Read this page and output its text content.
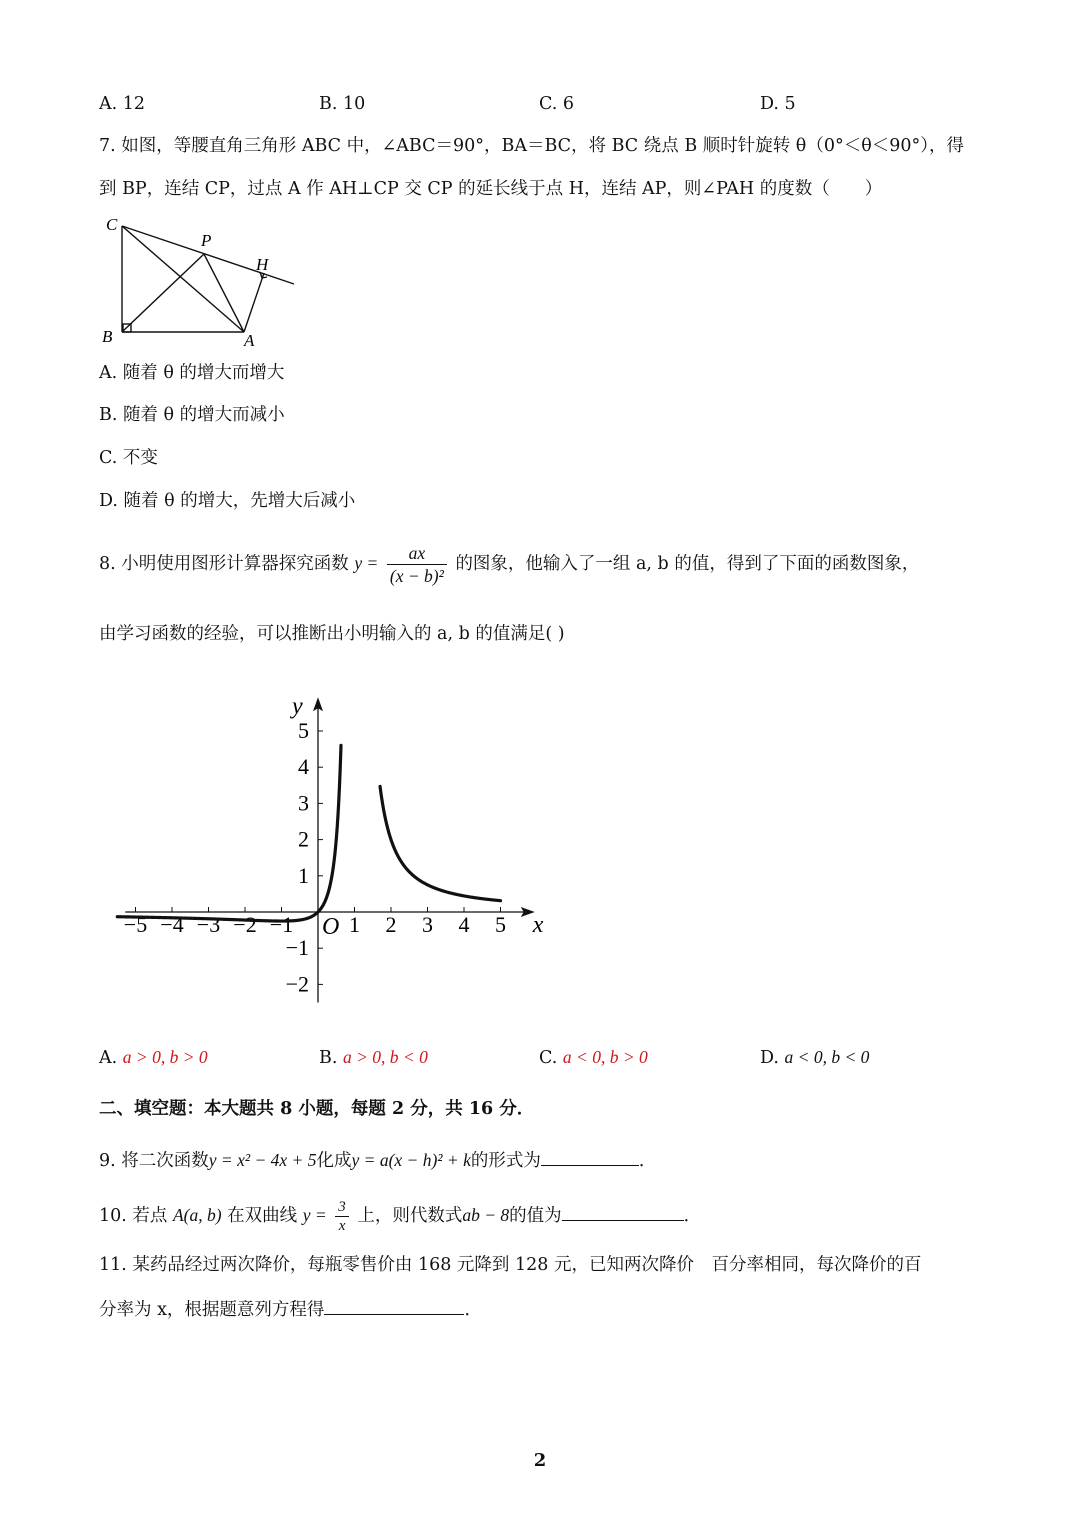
A. 12	B. 10	C. 6	D. 5
7. 如图，等腰直角三角形 ABC 中，∠ABC＝90°，BA＝BC，将 BC 绕点 B 顺时针旋转 θ（0°＜θ＜90°），得
到 BP，连结 CP，过点 A 作 AH⊥CP 交 CP 的延长线于点 H，连结 AP，则∠PAH 的度数（　　）
C
P
H
B	A
A. 随着 θ 的增大而增大
B. 随着 θ 的增大而减小
C. 不变
D. 随着 θ 的增大，先增大后减小
8. 小明使用图形计算器探究函数 $y = \frac{ax}{\text{(x − b)²}}$ 的图象，他输入了一组 a, b 的值，得到了下面的函数图象，
由学习函数的经验，可以推断出小明输入的 a, b 的值满足( )
−5 −4 −3 −2 −1	1 2 3 4 5
−2
−1
1
2
3
4
5
x
y
O
A. a > 0, b > 0	B. a > 0, b < 0	C. a < 0, b > 0	D. a < 0, b < 0
二、填空题：本大题共 8 小题，每题 2 分，共 16 分．
9. 将二次函数y = x² − 4x + 5化成y = a(x − h)² + k的形式为	．
10. 若点 A(a, b) 在双曲线 $y = \frac{3}{x}$ 上，则代数式ab − 8的值为	．
11. 某药品经过两次降价，每瓶零售价由 168 元降到 128 元，已知两次降价　百分率相同，每次降价的百
分率为 x，根据题意列方程得	．
2
